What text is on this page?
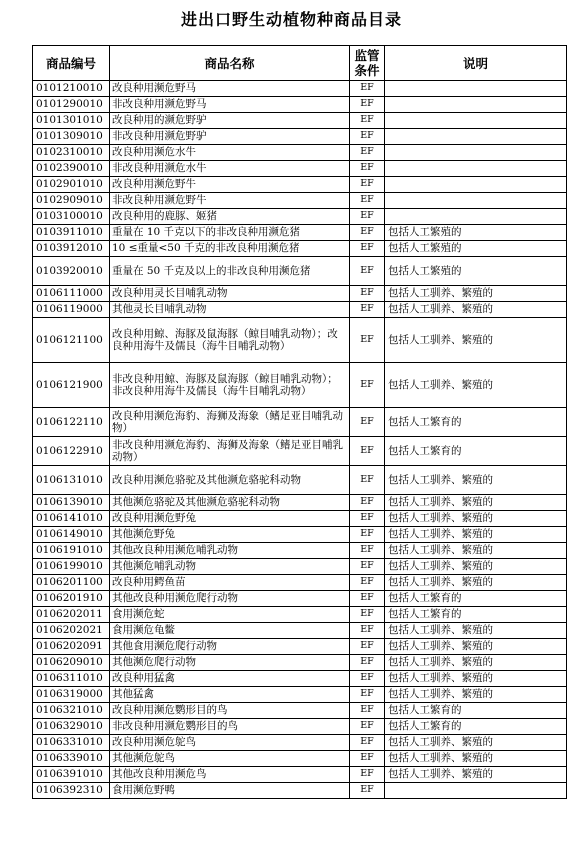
进出口野生动植物种商品目录
商品编号	商品名称	监管条件	说明
0101210010	改良种用濒危野马	EF	
0101290010	非改良种用濒危野马	EF	
0101301010	改良种用的濒危野驴	EF	
0101309010	非改良种用濒危野驴	EF	
0102310010	改良种用濒危水牛	EF	
0102390010	非改良种用濒危水牛	EF	
0102901010	改良种用濒危野牛	EF	
0102909010	非改良种用濒危野牛	EF	
0103100010	改良种用的鹿豚、姬猪	EF	
0103911010	重量在 10 千克以下的非改良种用濒危猪	EF	包括人工繁殖的
0103912010	10 ≤重量<50 千克的非改良种用濒危猪	EF	包括人工繁殖的
0103920010	重量在 50 千克及以上的非改良种用濒危猪	EF	包括人工繁殖的
0106111000	改良种用灵长目哺乳动物	EF	包括人工驯养、繁殖的
0106119000	其他灵长目哺乳动物	EF	包括人工驯养、繁殖的
0106121100	改良种用鲸、海豚及鼠海豚（鲸目哺乳动物）；改良种用海牛及儒艮（海牛目哺乳动物）	EF	包括人工驯养、繁殖的
0106121900	非改良种用鲸、海豚及鼠海豚（鲸目哺乳动物）；非改良种用海牛及儒艮（海牛目哺乳动物）	EF	包括人工驯养、繁殖的
0106122110	改良种用濒危海豹、海狮及海象（鳍足亚目哺乳动物）	EF	包括人工繁育的
0106122910	非改良种用濒危海豹、海狮及海象（鳍足亚目哺乳动物）	EF	包括人工繁育的
0106131010	改良种用濒危骆驼及其他濒危骆驼科动物	EF	包括人工驯养、繁殖的
0106139010	其他濒危骆驼及其他濒危骆驼科动物	EF	包括人工驯养、繁殖的
0106141010	改良种用濒危野兔	EF	包括人工驯养、繁殖的
0106149010	其他濒危野兔	EF	包括人工驯养、繁殖的
0106191010	其他改良种用濒危哺乳动物	EF	包括人工驯养、繁殖的
0106199010	其他濒危哺乳动物	EF	包括人工驯养、繁殖的
0106201100	改良种用鳄鱼苗	EF	包括人工驯养、繁殖的
0106201910	其他改良种用濒危爬行动物	EF	包括人工繁育的
0106202011	食用濒危蛇	EF	包括人工繁育的
0106202021	食用濒危龟鳖	EF	包括人工驯养、繁殖的
0106202091	其他食用濒危爬行动物	EF	包括人工驯养、繁殖的
0106209010	其他濒危爬行动物	EF	包括人工驯养、繁殖的
0106311010	改良种用猛禽	EF	包括人工驯养、繁殖的
0106319000	其他猛禽	EF	包括人工驯养、繁殖的
0106321010	改良种用濒危鹦形目的鸟	EF	包括人工繁育的
0106329010	非改良种用濒危鹦形目的鸟	EF	包括人工繁育的
0106331010	改良种用濒危鸵鸟	EF	包括人工驯养、繁殖的
0106339010	其他濒危鸵鸟	EF	包括人工驯养、繁殖的
0106391010	其他改良种用濒危鸟	EF	包括人工驯养、繁殖的
0106392310	食用濒危野鸭	EF	
